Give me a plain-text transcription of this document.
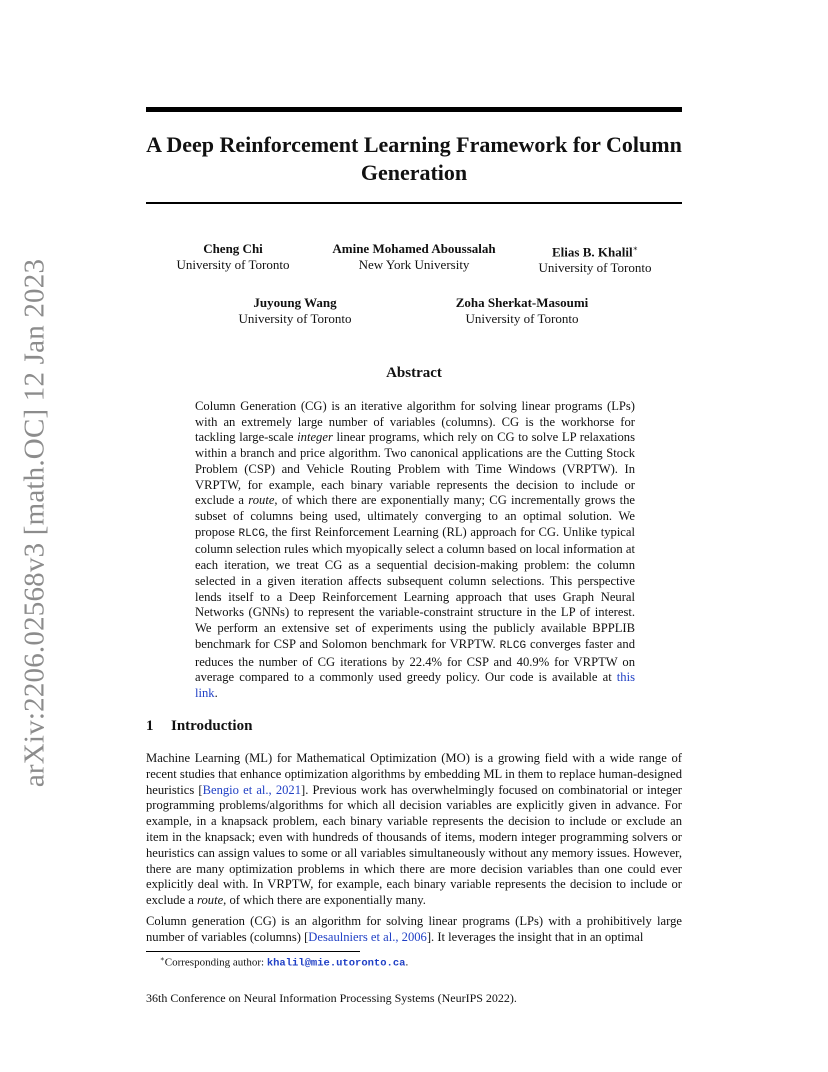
arXiv:2206.02568v3 [math.OC] 12 Jan 2023
A Deep Reinforcement Learning Framework for Column Generation
Cheng Chi
University of Toronto
Amine Mohamed Aboussalah
New York University
Elias B. Khalil∗
University of Toronto
Juyoung Wang
University of Toronto
Zoha Sherkat-Masoumi
University of Toronto
Abstract
Column Generation (CG) is an iterative algorithm for solving linear programs (LPs) with an extremely large number of variables (columns). CG is the workhorse for tackling large-scale integer linear programs, which rely on CG to solve LP relaxations within a branch and price algorithm. Two canonical applications are the Cutting Stock Problem (CSP) and Vehicle Routing Problem with Time Windows (VRPTW). In VRPTW, for example, each binary variable represents the decision to include or exclude a route, of which there are exponentially many; CG incrementally grows the subset of columns being used, ultimately converging to an optimal solution. We propose RLCG, the first Reinforcement Learning (RL) approach for CG. Unlike typical column selection rules which myopically select a column based on local information at each iteration, we treat CG as a sequential decision-making problem: the column selected in a given iteration affects subsequent column selections. This perspective lends itself to a Deep Reinforcement Learning approach that uses Graph Neural Networks (GNNs) to represent the variable-constraint structure in the LP of interest. We perform an extensive set of experiments using the publicly available BPPLIB benchmark for CSP and Solomon benchmark for VRPTW. RLCG converges faster and reduces the number of CG iterations by 22.4% for CSP and 40.9% for VRPTW on average compared to a commonly used greedy policy. Our code is available at this link.
1 Introduction

Machine Learning (ML) for Mathematical Optimization (MO) is a growing field with a wide range of recent studies that enhance optimization algorithms by embedding ML in them to replace human-designed heuristics [Bengio et al., 2021]. Previous work has overwhelmingly focused on combinatorial or integer programming problems/algorithms for which all decision variables are explicitly given in advance. For example, in a knapsack problem, each binary variable represents the decision to include or exclude an item in the knapsack; even with hundreds of thousands of items, modern integer programming solvers or heuristics can assign values to some or all variables simultaneously without any memory issues. However, there are many optimization problems in which there are more decision variables than one could ever explicitly deal with. In VRPTW, for example, each binary variable represents the decision to include or exclude a route, of which there are exponentially many.

Column generation (CG) is an algorithm for solving linear programs (LPs) with a prohibitively large number of variables (columns) [Desaulniers et al., 2006]. It leverages the insight that in an optimal

∗Corresponding author: khalil@mie.utoronto.ca.
36th Conference on Neural Information Processing Systems (NeurIPS 2022).
